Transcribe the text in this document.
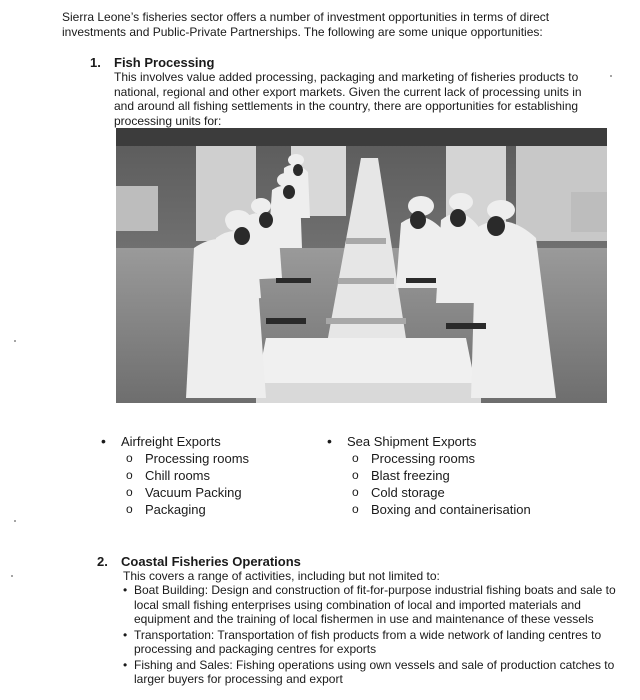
Sierra Leone’s fisheries sector offers a number of investment opportunities in terms of direct investments and Public-Private Partnerships. The following are some unique opportunities:
1. Fish Processing
This involves value added processing, packaging and marketing of fisheries products to national, regional and other export markets. Given the current lack of processing units in and around all fishing settlements in the country, there are opportunities for establishing processing units for:
• Airfreight Exports
o Processing rooms
o Chill rooms
o Vacuum Packing
o Packaging
• Sea Shipment Exports
o Processing rooms
o Blast freezing
o Cold storage
o Boxing and containerisation
2. Coastal Fisheries Operations
This covers a range of activities, including but not limited to:
• Boat Building: Design and construction of fit-for-purpose industrial fishing boats and sale to local small fishing enterprises using combination of local and imported materials and equipment and the training of local fishermen in use and maintenance of these vessels
• Transportation: Transportation of fish products from a wide network of landing centres to processing and packaging centres for exports
• Fishing and Sales: Fishing operations using own vessels and sale of production catches to larger buyers for processing and export
